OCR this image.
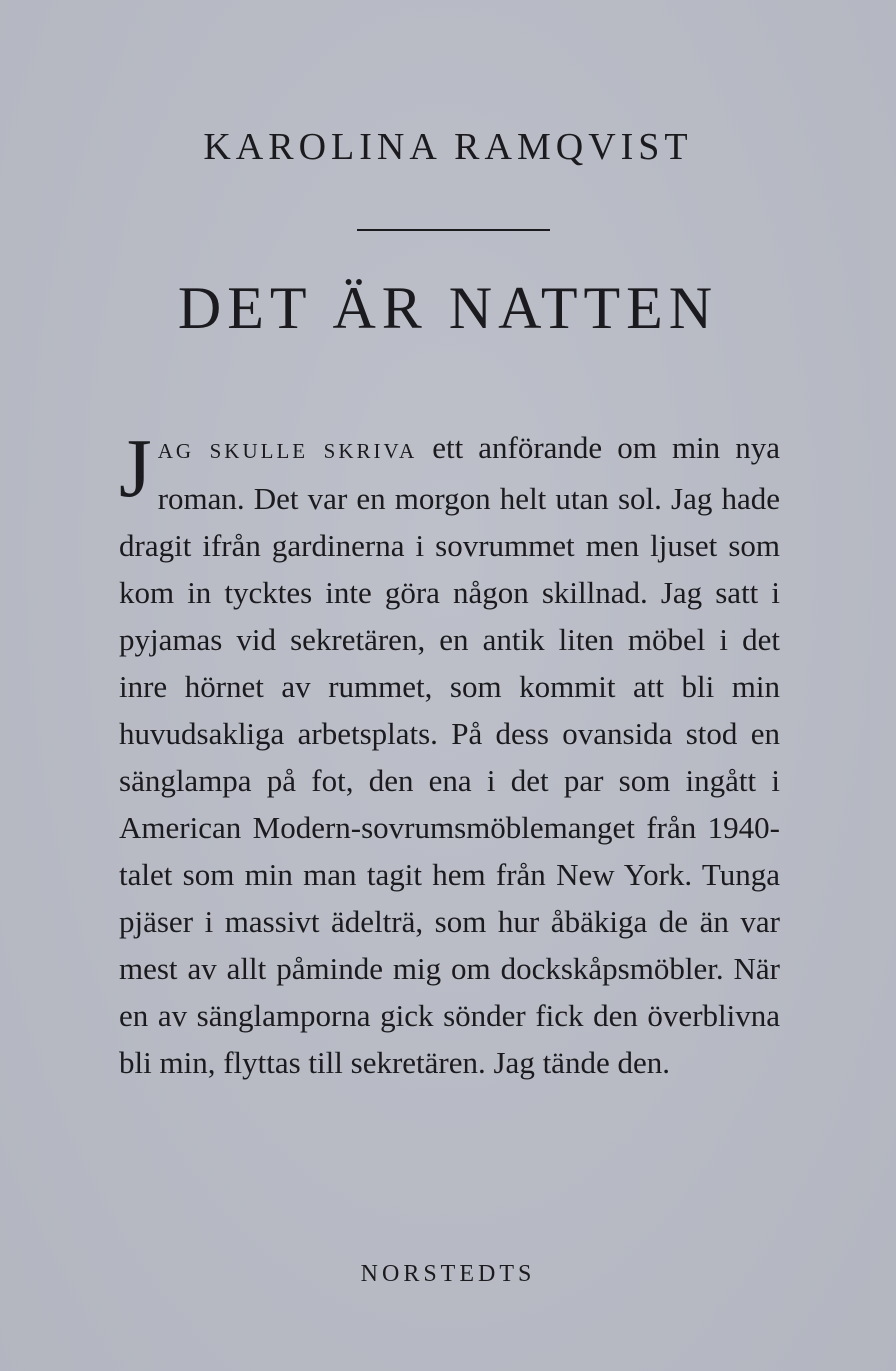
KAROLINA RAMQVIST
DET ÄR NATTEN
JAG SKULLE SKRIVA ett anförande om min nya roman. Det var en morgon helt utan sol. Jag hade dragit ifrån gardinerna i sovrummet men ljuset som kom in tycktes inte göra någon skillnad. Jag satt i pyjamas vid sekretären, en antik liten möbel i det inre hörnet av rummet, som kommit att bli min huvudsakliga arbetsplats. På dess ovansida stod en sänglampa på fot, den ena i det par som ingått i American Modern-sovrumsmöblemanget från 1940-talet som min man tagit hem från New York. Tunga pjäser i massivt ädelträ, som hur åbäkiga de än var mest av allt påminde mig om dockskåpsmöbler. När en av sänglamporna gick sönder fick den överblivna bli min, flyttas till sekretären. Jag tände den.
NORSTEDTS
